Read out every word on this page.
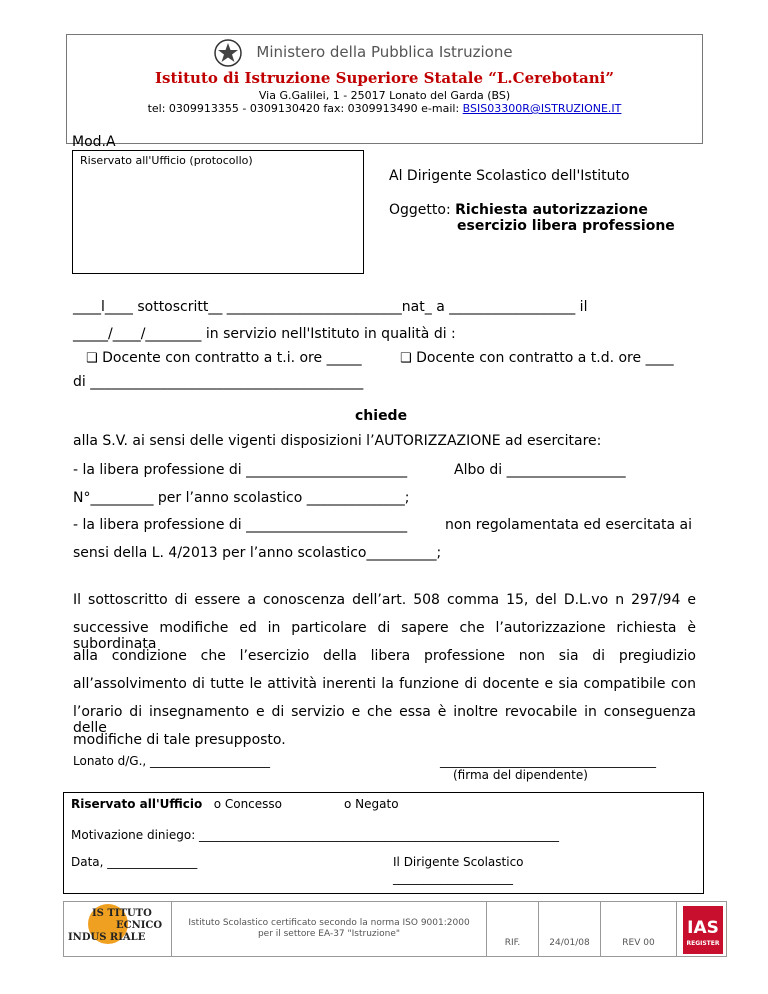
Ministero della Pubblica Istruzione
Istituto di Istruzione Superiore Statale “L.Cerebotani”
Via G.Galilei, 1 - 25017 Lonato del Garda (BS)
tel: 0309913355 - 0309130420 fax: 0309913490 e-mail: BSIS03300R@ISTRUZIONE.IT
Mod.A
Riservato all'Ufficio (protocollo)
Al Dirigente Scolastico dell'Istituto
Oggetto: Richiesta autorizzazione
esercizio libera professione
____l____ sottoscritt__ _________________________nat_ a __________________ il
_____/____/________ in servizio nell'Istituto in qualità di :
❑ Docente con contratto a t.i. ore _____	❑ Docente con contratto a t.d. ore ____
di _______________________________________
chiede
alla S.V. ai sensi delle vigenti disposizioni l’AUTORIZZAZIONE ad esercitare:
- la libera professione di _______________________	Albo di _________________
N°_________ per l’anno scolastico ______________;
- la libera professione di _______________________	non regolamentata ed esercitata ai
sensi della L. 4/2013 per l’anno scolastico__________;
Il sottoscritto di essere a conoscenza dell’art. 508 comma 15, del D.L.vo n 297/94 e
successive modifiche ed in particolare di sapere che l’autorizzazione richiesta è subordinata
alla condizione che l’esercizio della libera professione non sia di pregiudizio
all’assolvimento di tutte le attività inerenti la funzione di docente e sia compatibile con
l’orario di insegnamento e di servizio e che essa è inoltre revocabile in conseguenza delle
modifiche di tale presupposto.
Lonato d/G., ____________________	____________________________________
(firma del dipendente)
Riservato all'Ufficio ο Concesso	ο Negato
Motivazione diniego: ____________________________________________________________
Data, _______________	Il Dirigente Scolastico
____________________
IS TITUTO
ECNICO
INDUS RIALE
Istituto Scolastico certificato secondo la norma ISO 9001:2000
per il settore EA-37 "Istruzione"
RIF.	24/01/08	REV 00
IAS
REGISTER
